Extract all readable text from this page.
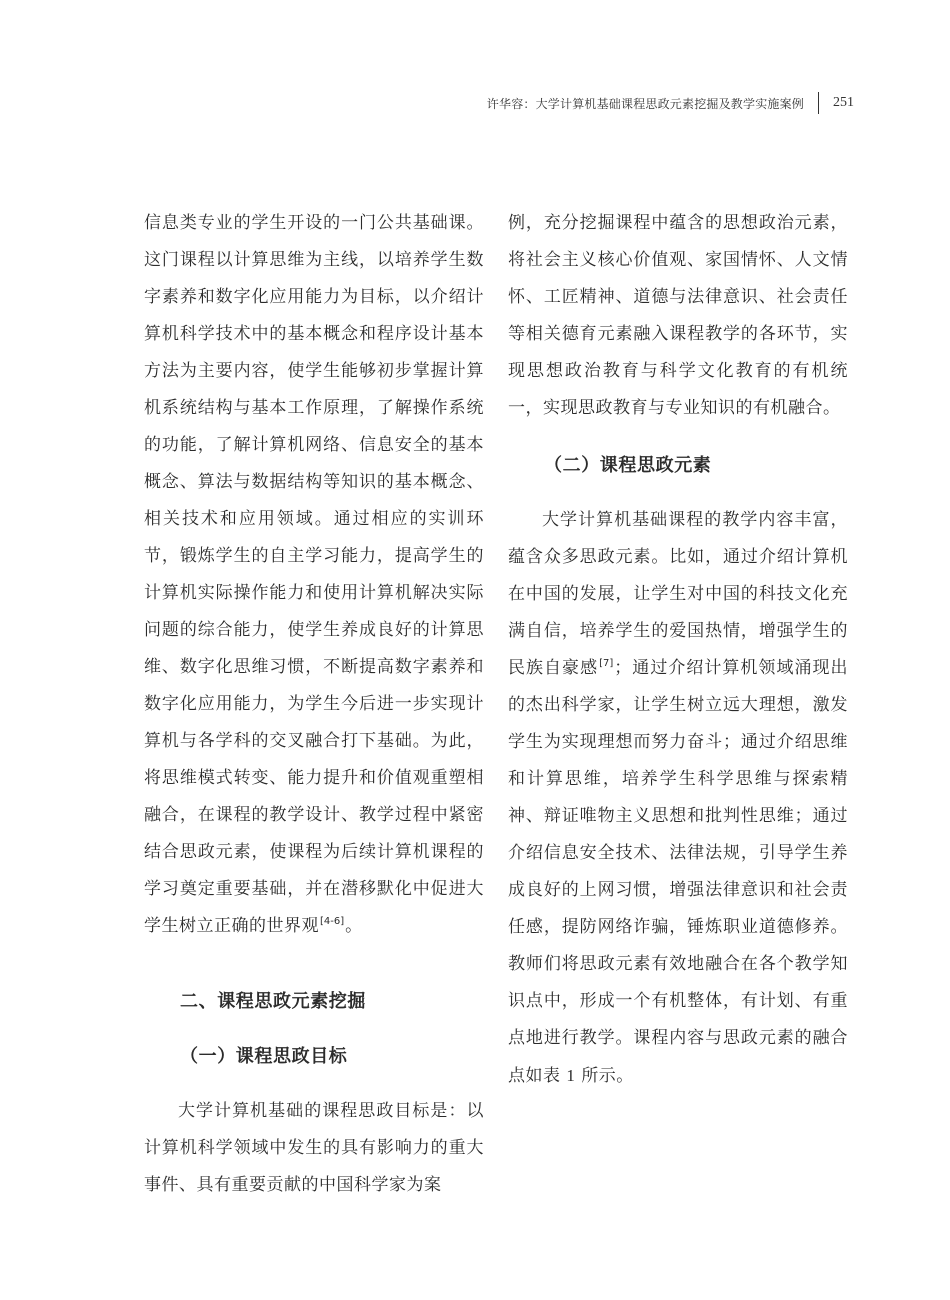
许华容：大学计算机基础课程思政元素挖掘及教学实施案例 251

信息类专业的学生开设的一门公共基础课。这门课程以计算思维为主线，以培养学生数字素养和数字化应用能力为目标，以介绍计算机科学技术中的基本概念和程序设计基本方法为主要内容，使学生能够初步掌握计算机系统结构与基本工作原理，了解操作系统的功能，了解计算机网络、信息安全的基本概念、算法与数据结构等知识的基本概念、相关技术和应用领域。通过相应的实训环节，锻炼学生的自主学习能力，提高学生的计算机实际操作能力和使用计算机解决实际问题的综合能力，使学生养成良好的计算思维、数字化思维习惯，不断提高数字素养和数字化应用能力，为学生今后进一步实现计算机与各学科的交叉融合打下基础。为此，将思维模式转变、能力提升和价值观重塑相融合，在课程的教学设计、教学过程中紧密结合思政元素，使课程为后续计算机课程的学习奠定重要基础，并在潜移默化中促进大学生树立正确的世界观[4-6]。

二、课程思政元素挖掘

（一）课程思政目标

大学计算机基础的课程思政目标是：以计算机科学领域中发生的具有影响力的重大事件、具有重要贡献的中国科学家为案

例，充分挖掘课程中蕴含的思想政治元素，将社会主义核心价值观、家国情怀、人文情怀、工匠精神、道德与法律意识、社会责任等相关德育元素融入课程教学的各环节，实现思想政治教育与科学文化教育的有机统一，实现思政教育与专业知识的有机融合。

（二）课程思政元素

大学计算机基础课程的教学内容丰富，蕴含众多思政元素。比如，通过介绍计算机在中国的发展，让学生对中国的科技文化充满自信，培养学生的爱国热情，增强学生的民族自豪感[7]；通过介绍计算机领域涌现出的杰出科学家，让学生树立远大理想，激发学生为实现理想而努力奋斗；通过介绍思维和计算思维，培养学生科学思维与探索精神、辩证唯物主义思想和批判性思维；通过介绍信息安全技术、法律法规，引导学生养成良好的上网习惯，增强法律意识和社会责任感，提防网络诈骗，锤炼职业道德修养。教师们将思政元素有效地融合在各个教学知识点中，形成一个有机整体，有计划、有重点地进行教学。课程内容与思政元素的融合点如表 1 所示。
